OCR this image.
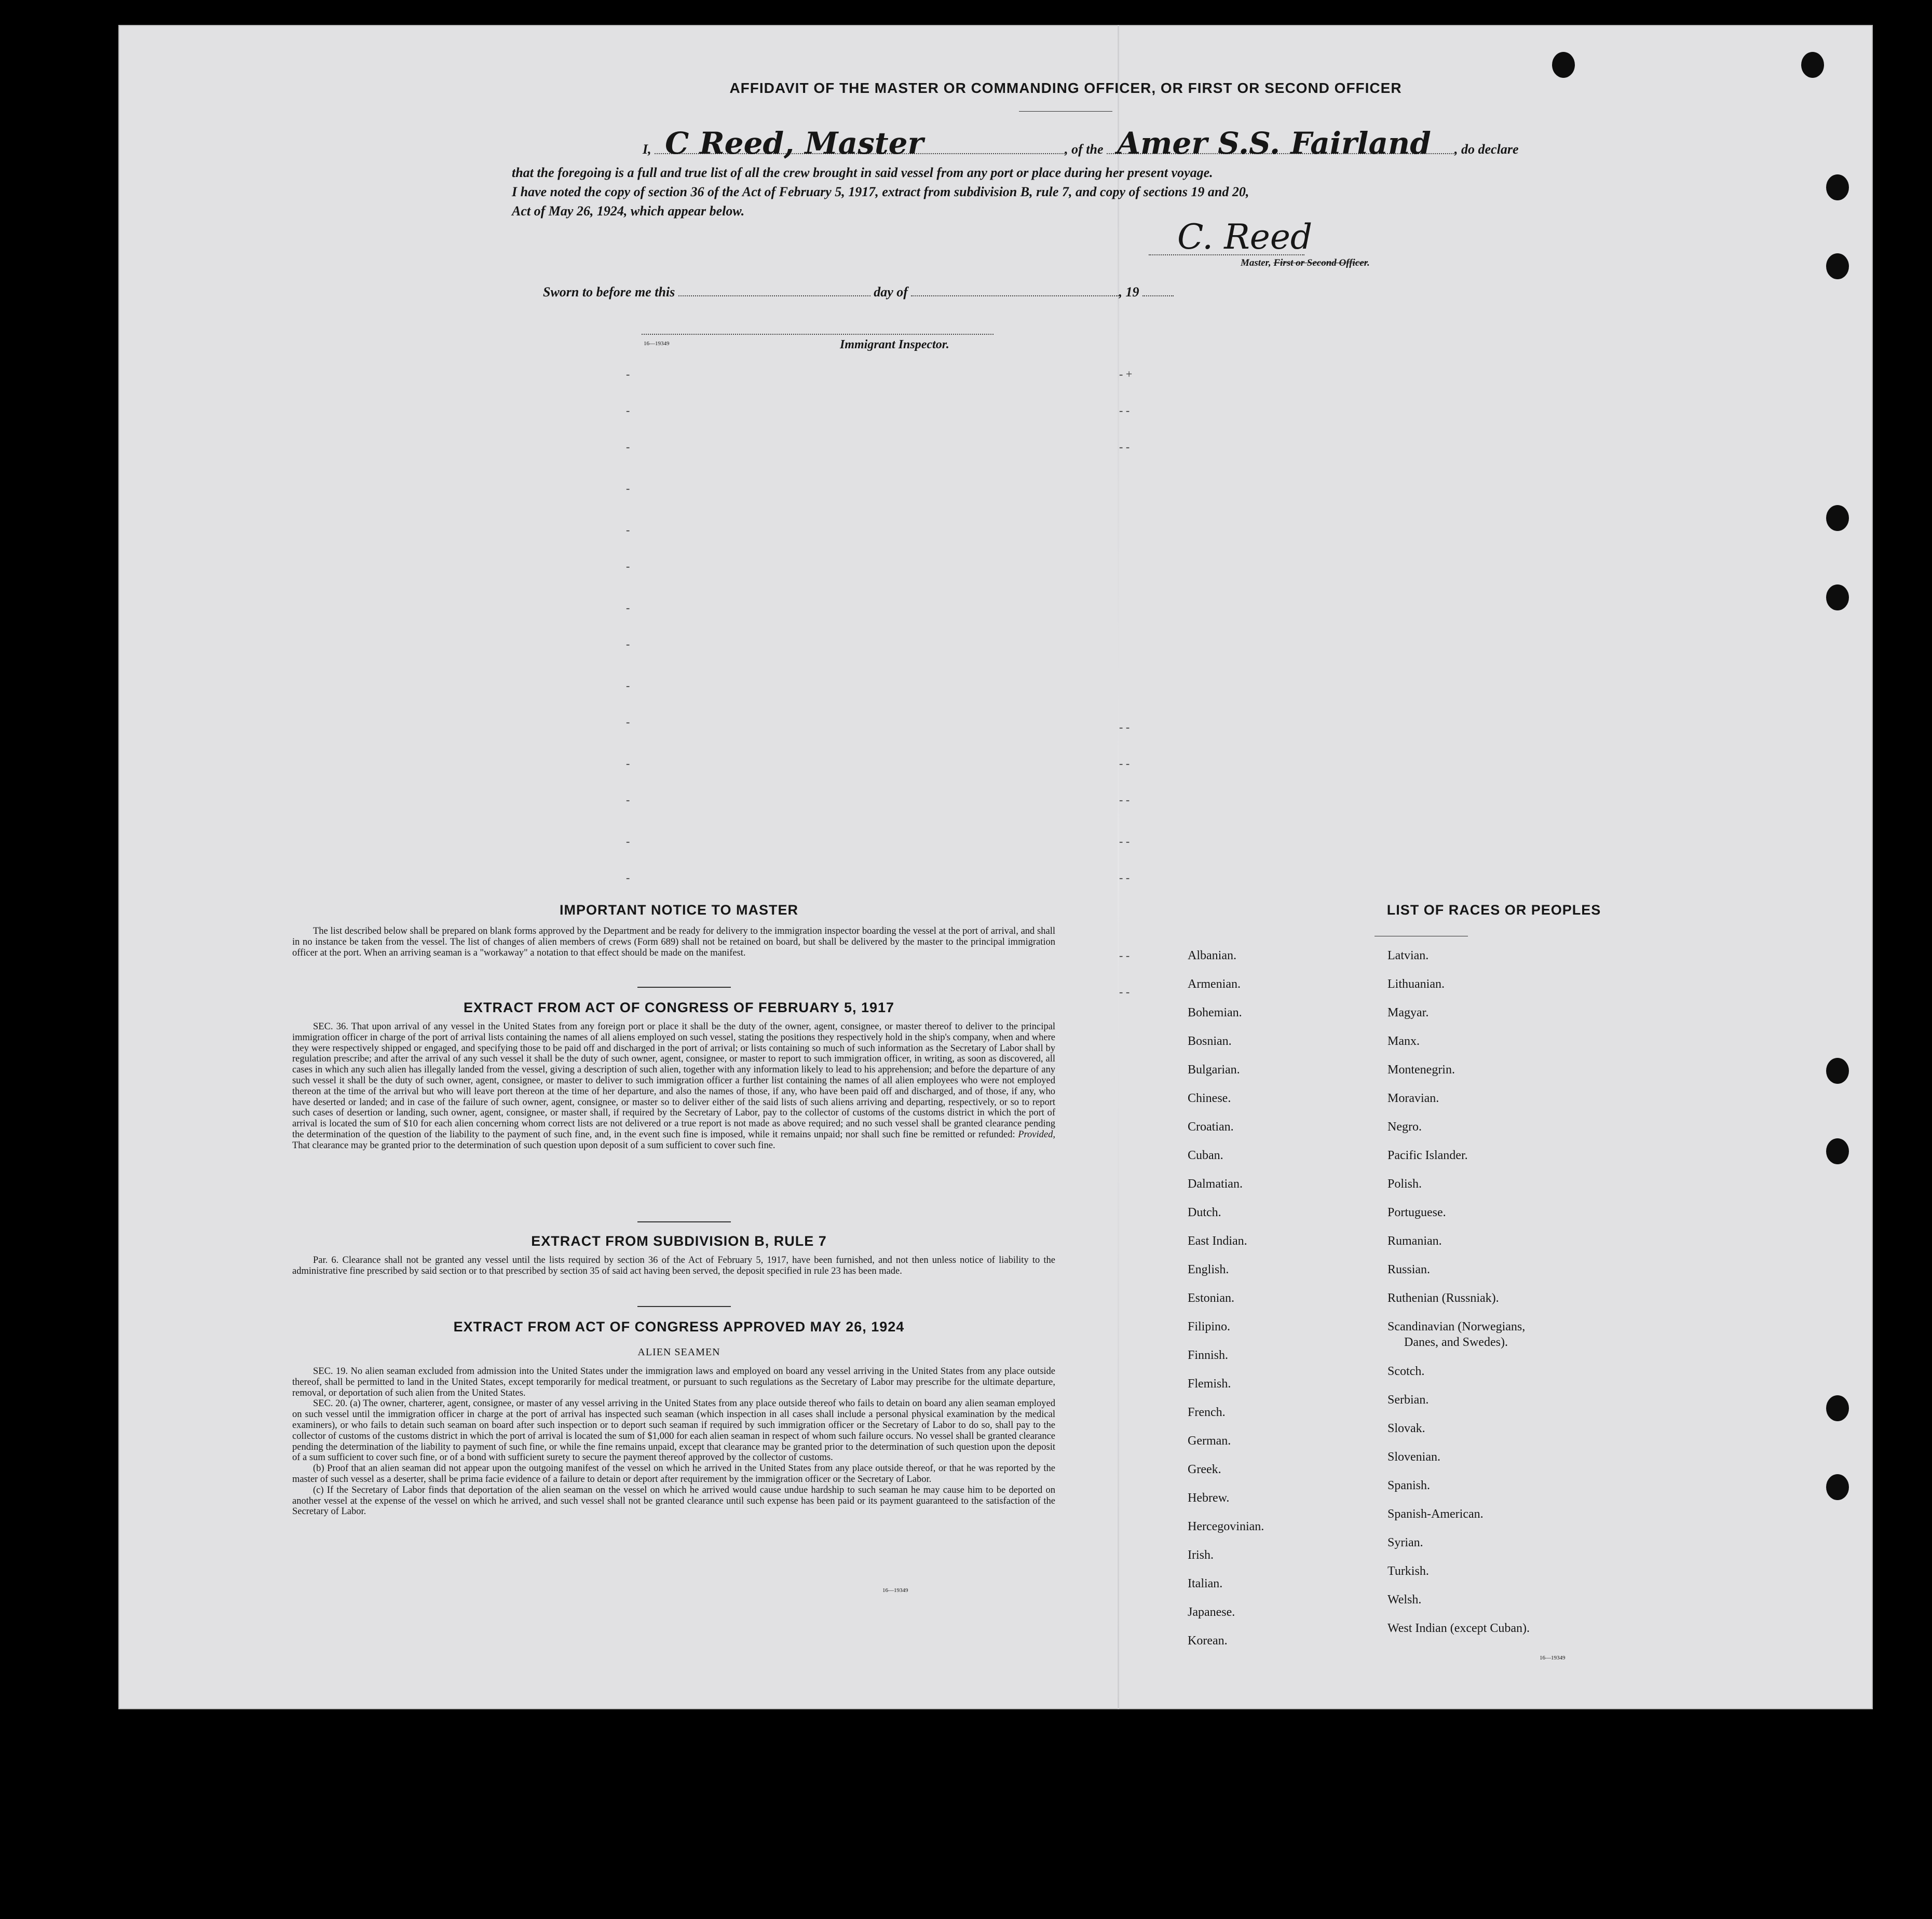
AFFIDAVIT OF THE MASTER OR COMMANDING OFFICER, OR FIRST OR SECOND OFFICER
I, C Reed, Master	, of the Amer S.S. Fairland , do declare
that the foregoing is a full and true list of all the crew brought in said vessel from any port or place during her present voyage.
I have noted the copy of section 36 of the Act of February 5, 1917, extract from subdivision B, rule 7, and copy of sections 19 and 20,
Act of May 26, 1924, which appear below.
C. Reed
Master, First or Second Officer.
Sworn to before me this	day of	, 19
16—19349	Immigrant Inspector.
-
-
-
-
-
-
-
-
-
-
-
-
-
-
- +
- -
- -
- -
- -
- -
- -
- -
- -
- -
IMPORTANT NOTICE TO MASTER
The list described below shall be prepared on blank forms approved by the Department and be ready for delivery to the immigration inspector boarding the vessel at the port of arrival, and shall in no instance be taken from the vessel. The list of changes of alien members of crews (Form 689) shall not be retained on board, but shall be delivered by the master to the principal immigration officer at the port. When an arriving seaman is a "workaway" a notation to that effect should be made on the manifest.
EXTRACT FROM ACT OF CONGRESS OF FEBRUARY 5, 1917
SEC. 36. That upon arrival of any vessel in the United States from any foreign port or place it shall be the duty of the owner, agent, consignee, or master thereof to deliver to the principal immigration officer in charge of the port of arrival lists containing the names of all aliens employed on such vessel, stating the positions they respectively hold in the ship's company, when and where they were respectively shipped or engaged, and specifying those to be paid off and discharged in the port of arrival; or lists containing so much of such information as the Secretary of Labor shall by regulation prescribe; and after the arrival of any such vessel it shall be the duty of such owner, agent, consignee, or master to report to such immigration officer, in writing, as soon as discovered, all cases in which any such alien has illegally landed from the vessel, giving a description of such alien, together with any information likely to lead to his apprehension; and before the departure of any such vessel it shall be the duty of such owner, agent, consignee, or master to deliver to such immigration officer a further list containing the names of all alien employees who were not employed thereon at the time of the arrival but who will leave port thereon at the time of her departure, and also the names of those, if any, who have been paid off and discharged, and of those, if any, who have deserted or landed; and in case of the failure of such owner, agent, consignee, or master so to deliver either of the said lists of such aliens arriving and departing, respectively, or so to report such cases of desertion or landing, such owner, agent, consignee, or master shall, if required by the Secretary of Labor, pay to the collector of customs of the customs district in which the port of arrival is located the sum of $10 for each alien concerning whom correct lists are not delivered or a true report is not made as above required; and no such vessel shall be granted clearance pending the determination of the question of the liability to the payment of such fine, and, in the event such fine is imposed, while it remains unpaid; nor shall such fine be remitted or refunded: Provided, That clearance may be granted prior to the determination of such question upon deposit of a sum sufficient to cover such fine.
EXTRACT FROM SUBDIVISION B, RULE 7
Par. 6. Clearance shall not be granted any vessel until the lists required by section 36 of the Act of February 5, 1917, have been furnished, and not then unless notice of liability to the administrative fine prescribed by said section or to that prescribed by section 35 of said act having been served, the deposit specified in rule 23 has been made.
EXTRACT FROM ACT OF CONGRESS APPROVED MAY 26, 1924
ALIEN SEAMEN
SEC. 19. No alien seaman excluded from admission into the United States under the immigration laws and employed on board any vessel arriving in the United States from any place outside thereof, shall be permitted to land in the United States, except temporarily for medical treatment, or pursuant to such regulations as the Secretary of Labor may prescribe for the ultimate departure, removal, or deportation of such alien from the United States.
SEC. 20. (a) The owner, charterer, agent, consignee, or master of any vessel arriving in the United States from any place outside thereof who fails to detain on board any alien seaman employed on such vessel until the immigration officer in charge at the port of arrival has inspected such seaman (which inspection in all cases shall include a personal physical examination by the medical examiners), or who fails to detain such seaman on board after such inspection or to deport such seaman if required by such immigration officer or the Secretary of Labor to do so, shall pay to the collector of customs of the customs district in which the port of arrival is located the sum of $1,000 for each alien seaman in respect of whom such failure occurs. No vessel shall be granted clearance pending the determination of the liability to payment of such fine, or while the fine remains unpaid, except that clearance may be granted prior to the determination of such question upon the deposit of a sum sufficient to cover such fine, or of a bond with sufficient surety to secure the payment thereof approved by the collector of customs.
(b) Proof that an alien seaman did not appear upon the outgoing manifest of the vessel on which he arrived in the United States from any place outside thereof, or that he was reported by the master of such vessel as a deserter, shall be prima facie evidence of a failure to detain or deport after requirement by the immigration officer or the Secretary of Labor.
(c) If the Secretary of Labor finds that deportation of the alien seaman on the vessel on which he arrived would cause undue hardship to such seaman he may cause him to be deported on another vessel at the expense of the vessel on which he arrived, and such vessel shall not be granted clearance until such expense has been paid or its payment guaranteed to the satisfaction of the Secretary of Labor.
16—19349
LIST OF RACES OR PEOPLES
Albanian.
Armenian.
Bohemian.
Bosnian.
Bulgarian.
Chinese.
Croatian.
Cuban.
Dalmatian.
Dutch.
East Indian.
English.
Estonian.
Filipino.
Finnish.
Flemish.
French.
German.
Greek.
Hebrew.
Hercegovinian.
Irish.
Italian.
Japanese.
Korean.
Latvian.
Lithuanian.
Magyar.
Manx.
Montenegrin.
Moravian.
Negro.
Pacific Islander.
Polish.
Portuguese.
Rumanian.
Russian.
Ruthenian (Russniak).
Scandinavian (Norwegians,
Danes, and Swedes).
Scotch.
Serbian.
Slovak.
Slovenian.
Spanish.
Spanish-American.
Syrian.
Turkish.
Welsh.
West Indian (except Cuban).
16—19349
